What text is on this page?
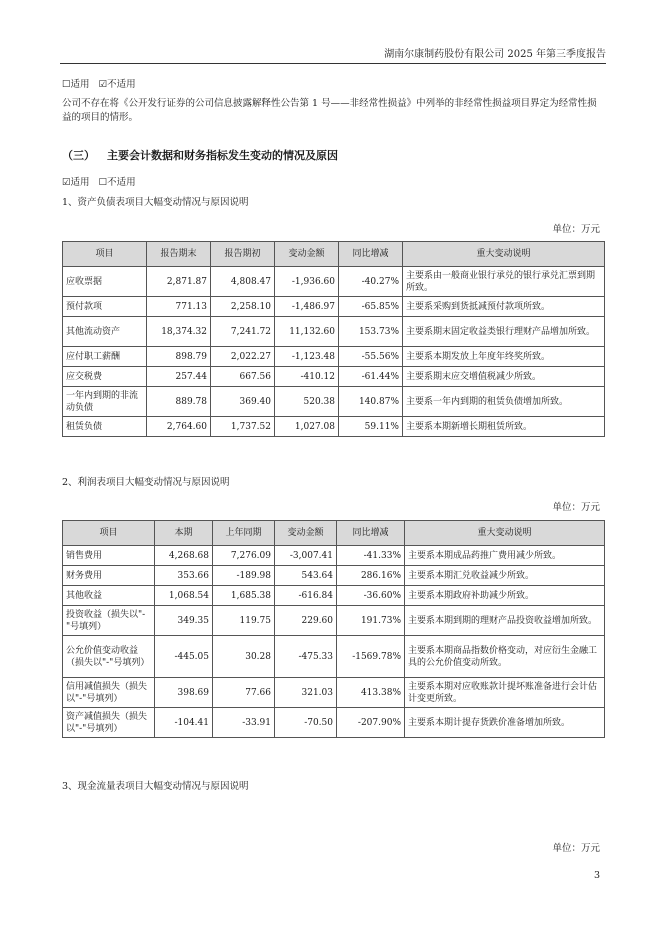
湖南尔康制药股份有限公司 2025 年第三季度报告
☐适用 ☑不适用
公司不存在将《公开发行证券的公司信息披露解释性公告第 1 号——非经常性损益》中列举的非经常性损益项目界定为经常性损益的项目的情形。
（三） 主要会计数据和财务指标发生变动的情况及原因
☑适用 ☐不适用
1、资产负债表项目大幅变动情况与原因说明
单位：万元
项目	报告期末	报告期初	变动金额	同比增减	重大变动说明
应收票据	2,871.87	4,808.47	-1,936.60	-40.27%	主要系由一般商业银行承兑的银行承兑汇票到期所致。
预付款项	771.13	2,258.10	-1,486.97	-65.85%	主要系采购到货抵减预付款项所致。
其他流动资产	18,374.32	7,241.72	11,132.60	153.73%	主要系期末固定收益类银行理财产品增加所致。
应付职工薪酬	898.79	2,022.27	-1,123.48	-55.56%	主要系本期发放上年度年终奖所致。
应交税费	257.44	667.56	-410.12	-61.44%	主要系期末应交增值税减少所致。
一年内到期的非流动负债	889.78	369.40	520.38	140.87%	主要系一年内到期的租赁负债增加所致。
租赁负债	2,764.60	1,737.52	1,027.08	59.11%	主要系本期新增长期租赁所致。
2、利润表项目大幅变动情况与原因说明
单位：万元
项目	本期	上年同期	变动金额	同比增减	重大变动说明
销售费用	4,268.68	7,276.09	-3,007.41	-41.33%	主要系本期成品药推广费用减少所致。
财务费用	353.66	-189.98	543.64	286.16%	主要系本期汇兑收益减少所致。
其他收益	1,068.54	1,685.38	-616.84	-36.60%	主要系本期政府补助减少所致。
投资收益（损失以"-"号填列）	349.35	119.75	229.60	191.73%	主要系本期到期的理财产品投资收益增加所致。
公允价值变动收益（损失以"-"号填列）	-445.05	30.28	-475.33	-1569.78%	主要系本期商品指数价格变动，对应衍生金融工具的公允价值变动所致。
信用减值损失（损失以"-"号填列）	398.69	77.66	321.03	413.38%	主要系本期对应收账款计提坏账准备进行会计估计变更所致。
资产减值损失（损失以"-"号填列）	-104.41	-33.91	-70.50	-207.90%	主要系本期计提存货跌价准备增加所致。
3、现金流量表项目大幅变动情况与原因说明
单位：万元
3
